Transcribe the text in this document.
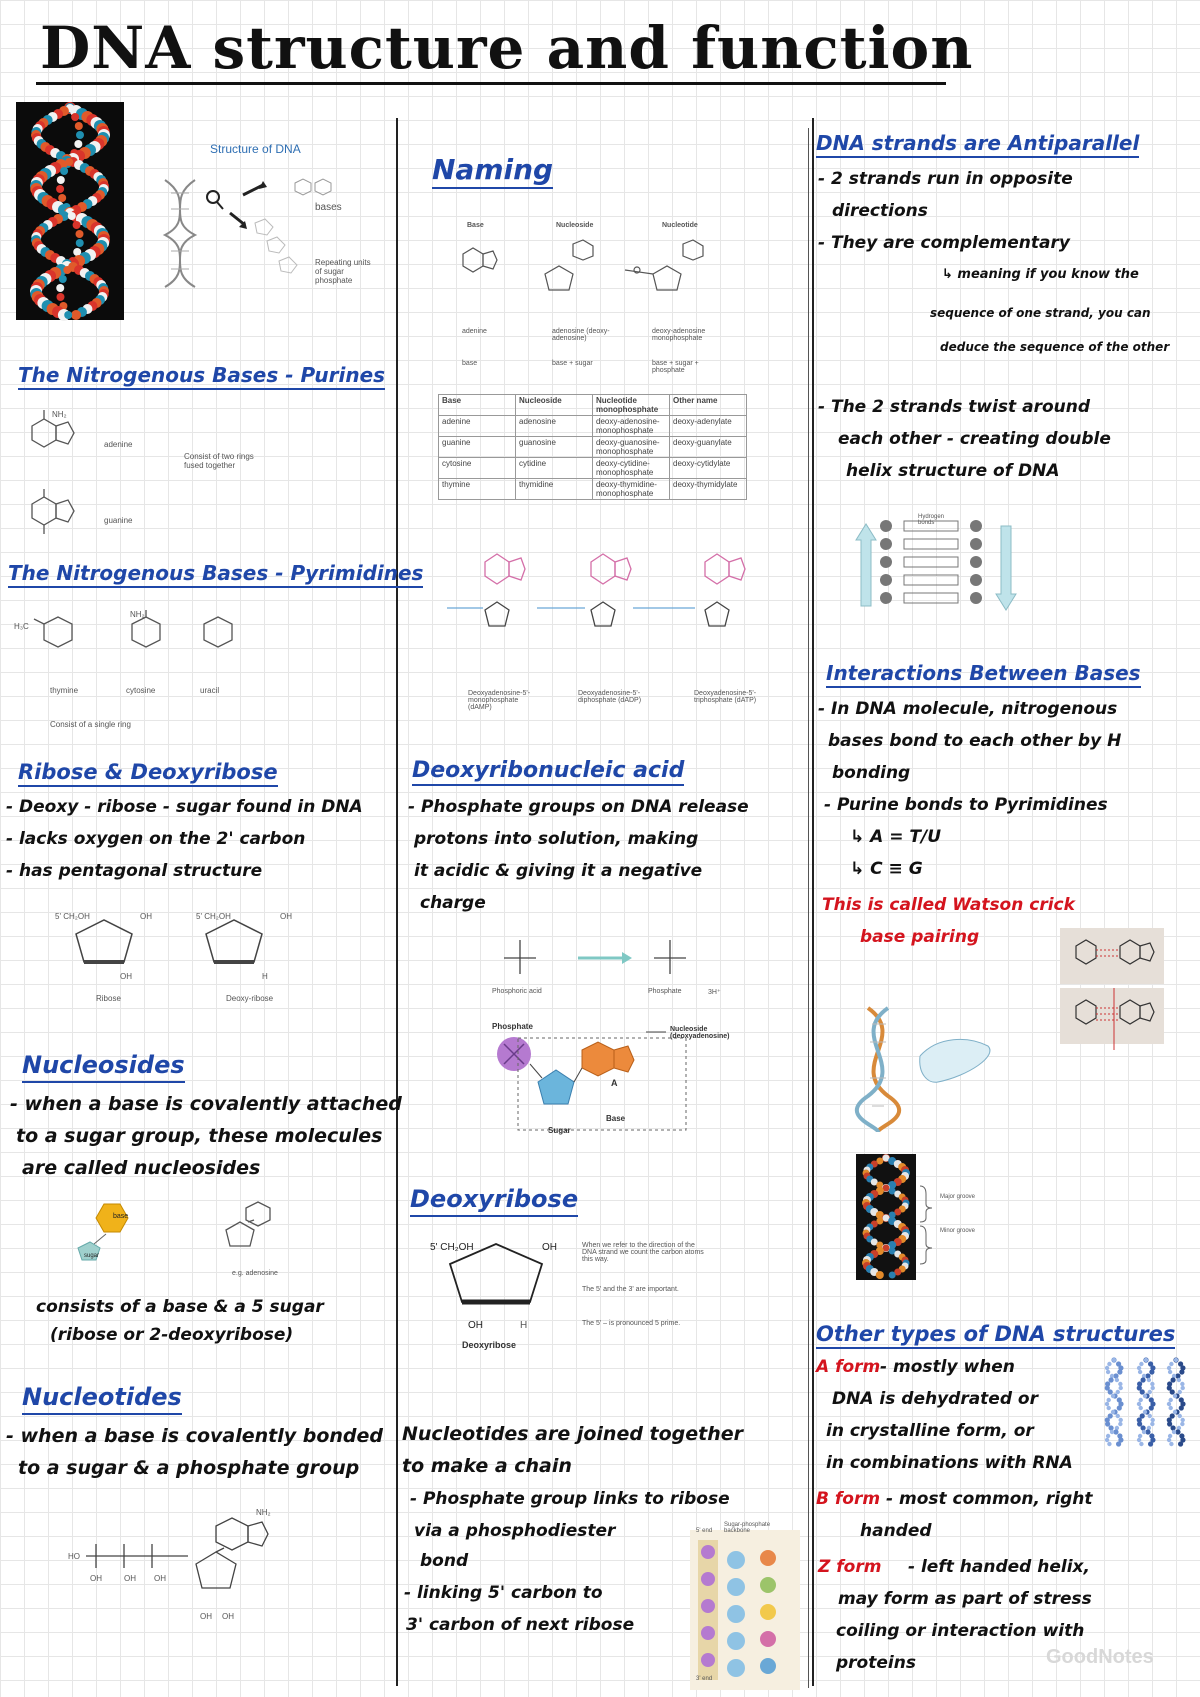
DNA structure and function
Structure of DNA
bases
Repeating units of sugar phosphate
The Nitrogenous Bases - Purines
NH₂
adenine
Consist of two rings fused together
guanine
The Nitrogenous Bases - Pyrimidines
H₃C
NH₂
thymine	cytosine	uracil
Consist of a single ring
Ribose & Deoxyribose
- Deoxy - ribose - sugar found in DNA
- lacks oxygen on the 2' carbon
- has pentagonal structure
5' CH₂OH	OH
OH
5' CH₂OH	OH
H
Ribose	Deoxy-ribose
Nucleosides
- when a base is covalently attached
to a sugar group, these molecules
are called nucleosides
base
sugar
e.g. adenosine
consists of a base & a 5 sugar
(ribose or 2-deoxyribose)
Nucleotides
- when a base is covalently bonded
to a sugar & a phosphate group
NH₂
HO
OH	OH OH
OH OH
Naming
Base	Nucleoside	Nucleotide
adenine	adenosine (deoxy-adenosine)
deoxy-adenosine monophosphate
base	base + sugar	base + sugar + phosphate
Base	Nucleoside	Nucleotide monophosphate	Other name
adenine	adenosine	deoxy-adenosine-monophosphate	deoxy-adenylate
guanine	guanosine	deoxy-guanosine-monophosphate	deoxy-guanylate
cytosine	cytidine	deoxy-cytidine-monophosphate	deoxy-cytidylate
thymine	thymidine	deoxy-thymidine-monophosphate	deoxy-thymidylate
Deoxyadenosine-5'-monophosphate (dAMP)
Deoxyadenosine-5'-diphosphate (dADP)
Deoxyadenosine-5'-triphosphate (dATP)
Deoxyribonucleic acid
- Phosphate groups on DNA release
protons into solution, making
it acidic & giving it a negative
charge
Phosphoric acid	Phosphate	3H⁺
Phosphate	Nucleoside (deoxyadenosine)
A
Sugar
Base
Deoxyribose
5' CH₂OH	OH
OH	H
Deoxyribose
When we refer to the direction of the DNA strand we count the carbon atoms this way.
The 5' and the 3' are important.
The 5' – is pronounced 5 prime.
Nucleotides are joined together
to make a chain
- Phosphate group links to ribose
via a phosphodiester
bond
- linking 5' carbon to
3' carbon of next ribose
Sugar-phosphate backbone
5' end
3' end
DNA strands are Antiparallel
- 2 strands run in opposite
directions
- They are complementary
↳ meaning if you know the
sequence of one strand, you can
deduce the sequence of the other
- The 2 strands twist around
each other - creating double
helix structure of DNA
Hydrogen bonds
Interactions Between Bases
- In DNA molecule, nitrogenous
bases bond to each other by H
bonding
- Purine bonds to Pyrimidines
↳ A = T/U
↳ C ≡ G
This is called Watson crick
base pairing
Major groove
Minor groove
Other types of DNA structures
A form - mostly when
DNA is dehydrated or
in crystalline form, or
in combinations with RNA
B form - most common, right
handed
Z form - left handed helix,
may form as part of stress
coiling or interaction with
proteins	GoodNotes
